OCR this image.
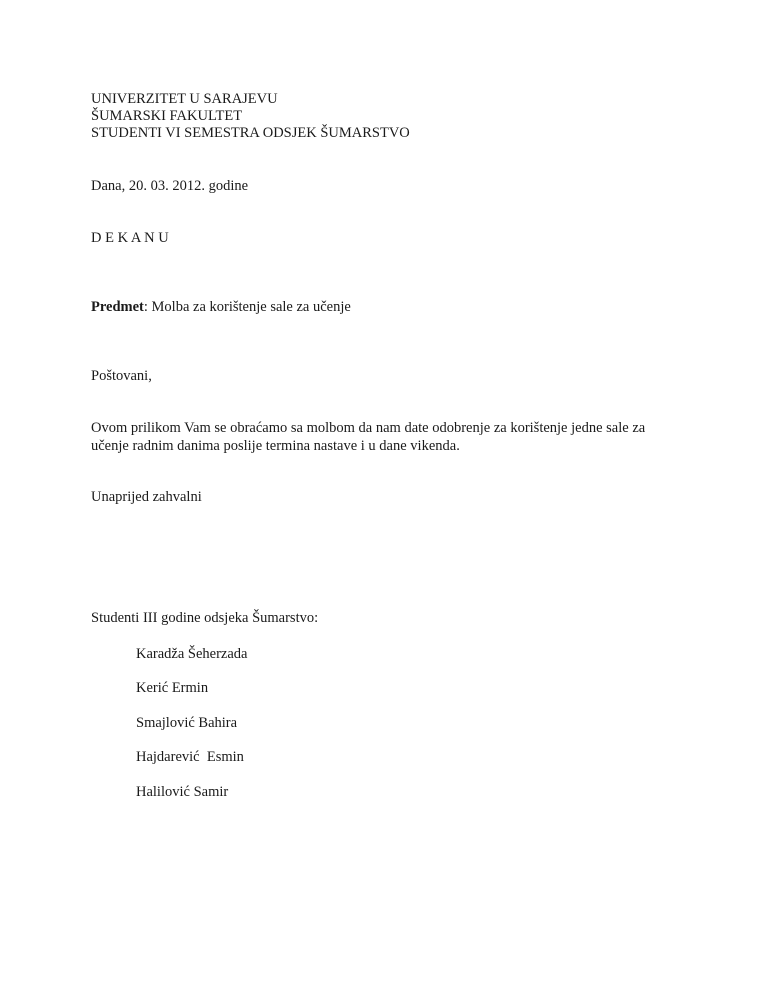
UNIVERZITET U SARAJEVU
ŠUMARSKI FAKULTET
STUDENTI VI SEMESTRA ODSJEK ŠUMARSTVO
Dana, 20. 03. 2012. godine
D E K A N U
Predmet: Molba za korištenje sale za učenje
Poštovani,
Ovom prilikom Vam se obraćamo sa molbom da nam date odobrenje za korištenje jedne sale za
učenje radnim danima poslije termina nastave i u dane vikenda.
Unaprijed zahvalni
Studenti III godine odsjeka Šumarstvo:
Karadža Šeherzada
Kerić Ermin
Smajlović Bahira
Hajdarević  Esmin
Halilović Samir
